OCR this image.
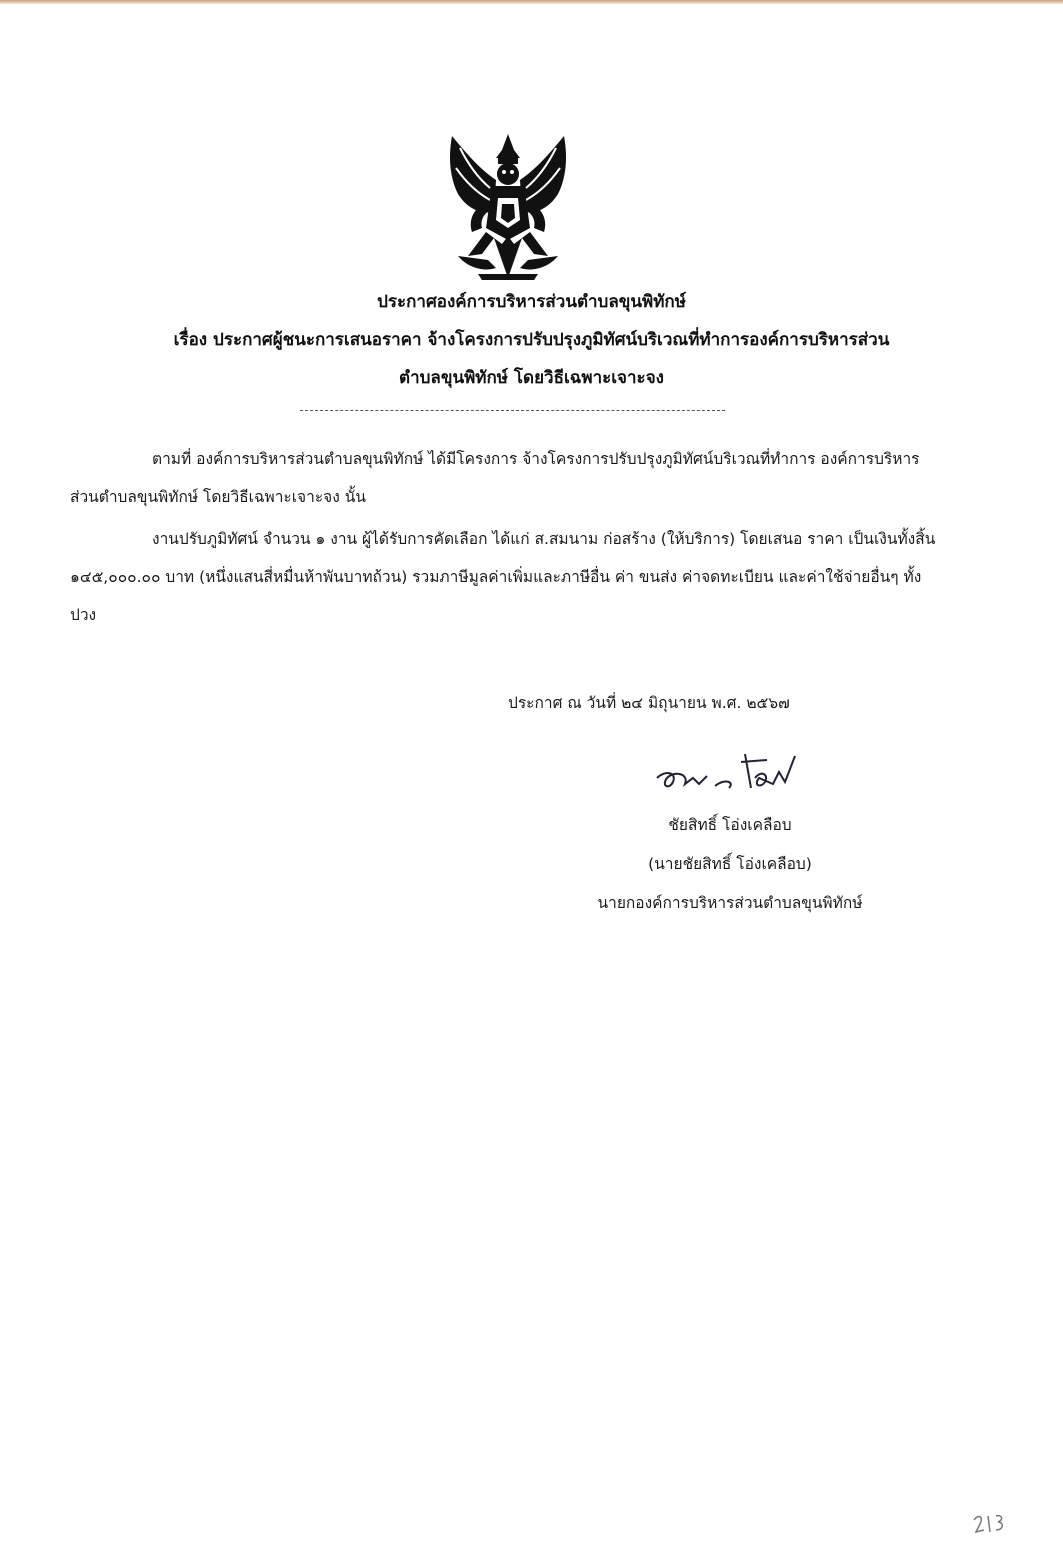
ประกาศองค์การบริหารส่วนตำบลขุนพิทักษ์
เรื่อง ประกาศผู้ชนะการเสนอราคา จ้างโครงการปรับปรุงภูมิทัศน์บริเวณที่ทำการองค์การบริหารส่วน
ตำบลขุนพิทักษ์ โดยวิธีเฉพาะเจาะจง
ตามที่ องค์การบริหารส่วนตำบลขุนพิทักษ์ ได้มีโครงการ จ้างโครงการปรับปรุงภูมิทัศน์บริเวณที่ทำการ องค์การบริหารส่วนตำบลขุนพิทักษ์ โดยวิธีเฉพาะเจาะจง นั้น
งานปรับภูมิทัศน์ จำนวน ๑ งาน ผู้ได้รับการคัดเลือก ได้แก่ ส.สมนาม ก่อสร้าง (ให้บริการ) โดยเสนอ ราคา เป็นเงินทั้งสิ้น ๑๔๕,๐๐๐.๐๐ บาท (หนึ่งแสนสี่หมื่นห้าพันบาทถ้วน) รวมภาษีมูลค่าเพิ่มและภาษีอื่น ค่า ขนส่ง ค่าจดทะเบียน และค่าใช้จ่ายอื่นๆ ทั้งปวง
ประกาศ ณ วันที่ ๒๔ มิถุนายน พ.ศ. ๒๕๖๗
ชัยสิทธิ์ โอ่งเคลือบ
(นายชัยสิทธิ์ โอ่งเคลือบ)
นายกองค์การบริหารส่วนตำบลขุนพิทักษ์
